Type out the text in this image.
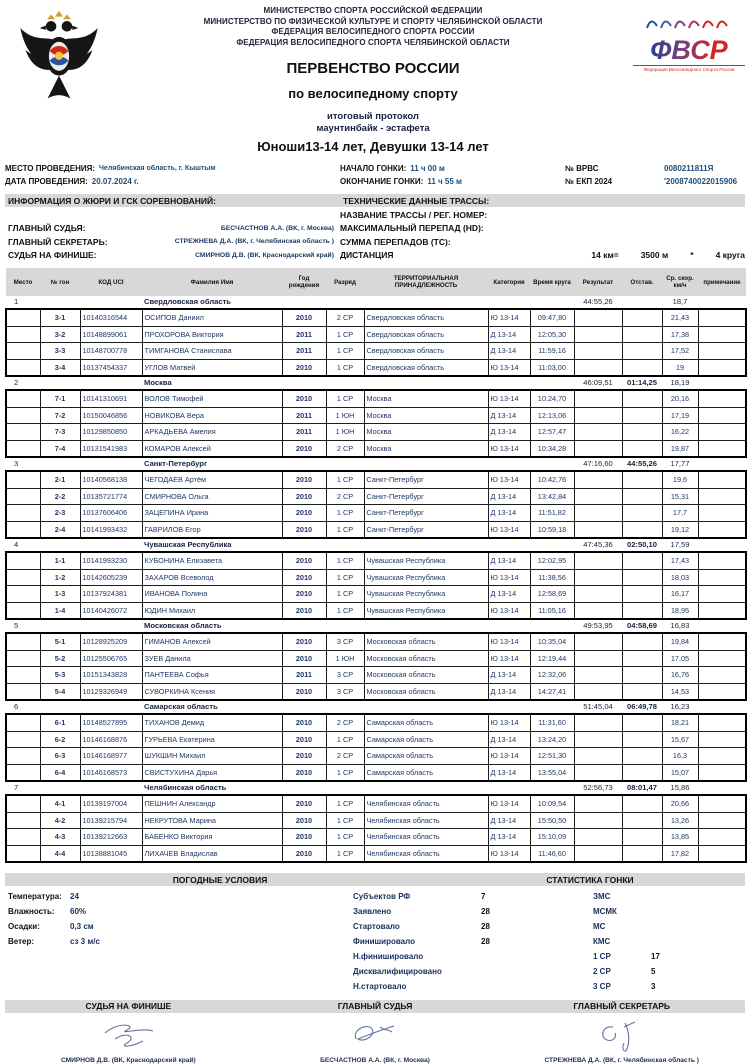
МИНИСТЕРСТВО СПОРТА РОССИЙСКОЙ ФЕДЕРАЦИИ
МИНИСТЕРСТВО ПО ФИЗИЧЕСКОЙ КУЛЬТУРЕ И СПОРТУ ЧЕЛЯБИНСКОЙ ОБЛАСТИ
ФЕДЕРАЦИЯ ВЕЛОСИПЕДНОГО СПОРТА РОССИИ
ФЕДЕРАЦИЯ ВЕЛОСИПЕДНОГО СПОРТА ЧЕЛЯБИНСКОЙ ОБЛАСТИ
ПЕРВЕНСТВО РОССИИ
по велосипедному спорту
итоговый протокол
маунтинбайк - эстафета
Юноши13-14 лет, Девушки 13-14 лет
ФВСР
Федерация Велосипедного Спорта России
МЕСТО ПРОВЕДЕНИЯ: Челябинская область, г. Кыштым	НАЧАЛО ГОНКИ: 11 ч 00 м	№ ВРВС	0080211811Я
ДАТА ПРОВЕДЕНИЯ: 20.07.2024 г.	ОКОНЧАНИЕ ГОНКИ: 11 ч 55 м	№ ЕКП 2024	'2008740022015906
ИНФОРМАЦИЯ О ЖЮРИ И ГСК СОРЕВНОВАНИЙ:	ТЕХНИЧЕСКИЕ ДАННЫЕ ТРАССЫ:
ГЛАВНЫЙ СУДЬЯ:	БЕСЧАСТНОВ А.А. (ВК, г. Москва)
ГЛАВНЫЙ СЕКРЕТАРЬ:	СТРЕЖНЕВА Д.А. (ВК, г. Челябинская область )
СУДЬЯ НА ФИНИШЕ:	СМИРНОВ Д.В. (ВК, Краснодарский край)
НАЗВАНИЕ ТРАССЫ / РЕГ. НОМЕР:
МАКСИМАЛЬНЫЙ ПЕРЕПАД (HD):
СУММА ПЕРЕПАДОВ (ТС):
ДИСТАНЦИЯ	14 км=	3500 м	*	4 круга
Место	№ гон	КОД UCI	Фамилия Имя	Год рождения	Разряд	ТЕРРИТОРИАЛЬНАЯ ПРИНАДЛЕЖНОСТЬ	Категория	Время круга	Результат	Отстав.	Ср. скор. км/ч	примечание
1			Свердловская область						44:55,26		18,7	
	3-1	10140316544	ОСИПОВ Даниил	2010	2 СР	Свердловская область	Ю 13-14	09:47,80			21,43	
	3-2	10148899061	ПРОХОРОВА Виктория	2011	1 СР	Свердловская область	Д 13-14	12:05,30			17,38	
	3-3	10148700778	ТИМГАНОВА Станислава	2011	1 СР	Свердловская область	Д 13-14	11:59,16			17,52	
	3-4	10137454337	УГЛОВ Матвей	2010	1 СР	Свердловская область	Ю 13-14	11:03,00			19	
2			Москва						46:09,51	01:14,25	18,19	
	7-1	10141310691	ВОЛОВ Тимофей	2010	1 СР	Москва	Ю 13-14	10:24,70			20,16	
	7-2	10150046856	НОВИКОВА Вера	2011	1 ЮН	Москва	Д 13-14	12:13,06			17,19	
	7-3	10129850850	АРКАДЬЕВА Амелия	2011	1 ЮН	Москва	Д 13-14	12:57,47			16,22	
	7-4	10131541983	КОМАРОВ Алексей	2010	2 СР	Москва	Ю 13-14	10:34,28			19,87	
3			Санкт-Петербург						47:16,60	44:55,26	17,77	
	2-1	10140568138	ЧЕГОДАЕВ Артём	2010	1 СР	Санкт-Петербург	Ю 13-14	10:42,76			19,6	
	2-2	10135721774	СМИРНОВА Ольга	2010	2 СР	Санкт-Петербург	Д 13-14	13:42,84			15,31	
	2-3	10137606406	ЗАЦЕПИНА Ирина	2010	1 СР	Санкт-Петербург	Д 13-14	11:51,82			17,7	
	2-4	10141993432	ГАВРИЛОВ Егор	2010	1 СР	Санкт-Петербург	Ю 13-14	10:59,18			19,12	
4			Чувашская Республика						47:45,36	02:50,10	17,59	
	1-1	10141993230	КУБОНИНА Елизавета	2010	1 СР	Чувашская Республика	Д 13-14	12:02,95			17,43	
	1-2	10142605239	ЗАХАРОВ Всеволод	2010	1 СР	Чувашская Республика	Ю 13-14	11:38,56			18,03	
	1-3	10137924381	ИВАНОВА Полина	2010	1 СР	Чувашская Республика	Д 13-14	12:58,69			16,17	
	1-4	10140426072	ЮДИН Михаил	2010	1 СР	Чувашская Республика	Ю 13-14	11:05,16			18,95	
5			Московская область						49:53,95	04:58,69	16,83	
	5-1	10128925209	ГИМАНОВ Алексей	2010	3 СР	Московская область	Ю 13-14	10:35,04			19,84	
	5-2	10125506765	ЗУЕВ Данила	2010	1 ЮН	Московская область	Ю 13-14	12:19,44			17,05	
	5-3	10151343828	ПАНТЕЕВА Софья	2011	3 СР	Московская область	Д 13-14	12:32,06			16,76	
	5-4	10129326949	СУВОРКИНА Ксения	2010	3 СР	Московская область	Д 13-14	14:27,41			14,53	
6			Самарская область						51:45,04	06:49,78	16,23	
	6-1	10148527895	ТИХАНОВ Демид	2010	2 СР	Самарская область	Ю 13-14	11:31,60			18,21	
	6-2	10146168876	ГУРЬЕВА Екатерина	2010	1 СР	Самарская область	Д 13-14	13:24,20			15,67	
	6-3	10146168977	ШУКШИН Михаил	2010	2 СР	Самарская область	Ю 13-14	12:51,30			16,3	
	6-4	10146168573	СВИСТУХИНА Дарья	2010	1 СР	Самарская область	Д 13-14	13:55,04			15,07	
7			Челябинская область						52:56,73	08:01,47	15,86	
	4-1	10139197004	ПЕШНИН Александр	2010	1 СР	Челябинская область	Ю 13-14	10:09,54			20,66	
	4-2	10139215794	НЕКРУТОВА Марина	2010	1 СР	Челябинская область	Д 13-14	15:50,50			13,26	
	4-3	10139212663	БАБЕНКО Виктория	2010	1 СР	Челябинская область	Д 13-14	15:10,09			13,85	
	4-4	10138881045	ЛИХАЧЕВ Владислав	2010	1 СР	Челябинская область	Ю 13-14	11:46,60			17,82	
ПОГОДНЫЕ УСЛОВИЯ	СТАТИСТИКА ГОНКИ
Температура:	24
Влажность:	60%
Осадки:	0,3 см
Ветер:	сз 3 м/с
Субъектов РФ	7
Заявлено	28
Стартовало	28
Финишировало	28
Н.финишировало
Дисквалифицировано
Н.стартовало
ЗМС
МСМК
МС
КМС
1 СР	17
2 СР	5
3 СР	3
СУДЬЯ НА ФИНИШЕ
СМИРНОВ Д.В. (ВК, Краснодарский край)
ГЛАВНЫЙ СУДЬЯ
БЕСЧАСТНОВ А.А. (ВК, г. Москва)
ГЛАВНЫЙ СЕКРЕТАРЬ
СТРЕЖНЕВА Д.А. (ВК, г. Челябинская область )
